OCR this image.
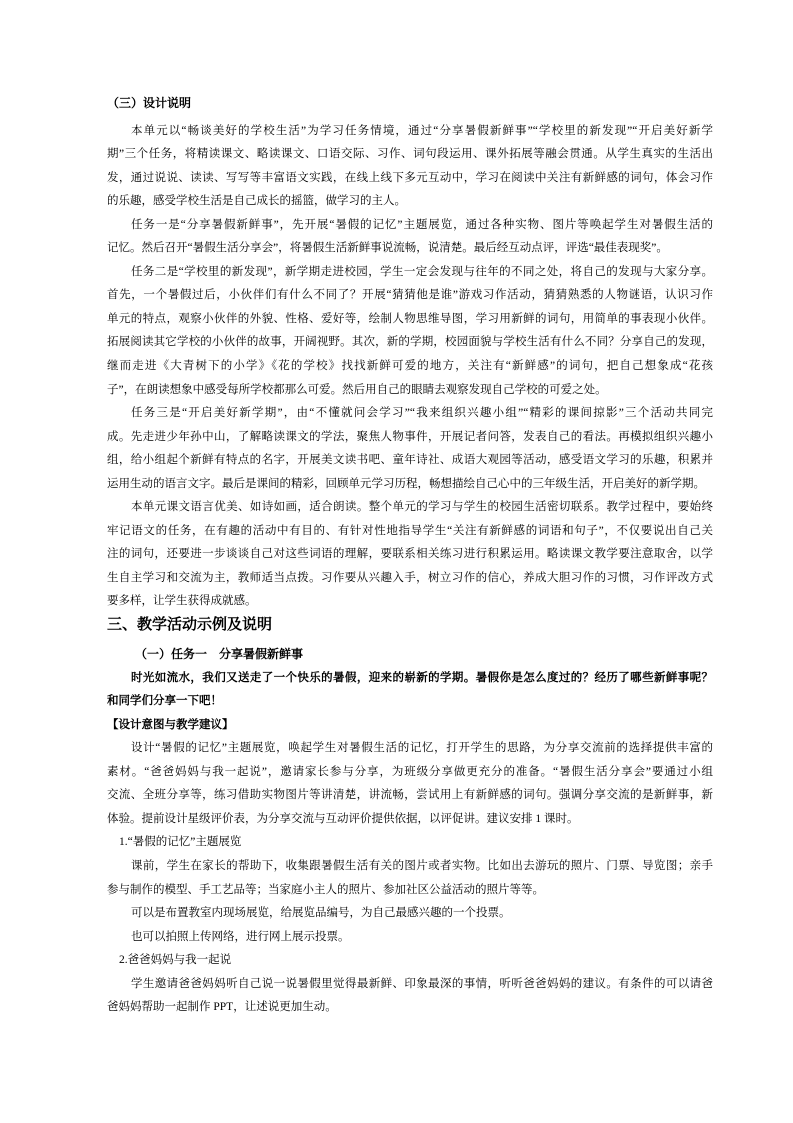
（三）设计说明
本单元以“畅谈美好的学校生活”为学习任务情境，通过“分享暑假新鲜事”“学校里的新发现”“开启美好新学
期”三个任务，将精读课文、略读课文、口语交际、习作、词句段运用、课外拓展等融会贯通。从学生真实的生活出
发，通过说说、读读、写写等丰富语文实践，在线上线下多元互动中，学习在阅读中关注有新鲜感的词句，体会习作
的乐趣，感受学校生活是自己成长的摇篮，做学习的主人。
任务一是“分享暑假新鲜事”，先开展“暑假的记忆”主题展览，通过各种实物、图片等唤起学生对暑假生活的
记忆。然后召开“暑假生活分享会”，将暑假生活新鲜事说流畅，说清楚。最后经互动点评，评选“最佳表现奖”。
任务二是“学校里的新发现”，新学期走进校园，学生一定会发现与往年的不同之处，将自己的发现与大家分享。
首先，一个暑假过后，小伙伴们有什么不同了？开展“猜猜他是谁”游戏习作活动，猜猜熟悉的人物谜语，认识习作
单元的特点，观察小伙伴的外貌、性格、爱好等，绘制人物思维导图，学习用新鲜的词句，用简单的事表现小伙伴。
拓展阅读其它学校的小伙伴的故事，开阔视野。其次，新的学期，校园面貌与学校生活有什么不同？分享自己的发现，
继而走进《大青树下的小学》《花的学校》找找新鲜可爱的地方，关注有“新鲜感”的词句，把自己想象成“花孩
子”，在朗读想象中感受每所学校都那么可爱。然后用自己的眼睛去观察发现自己学校的可爱之处。
任务三是“开启美好新学期”，由“不懂就问会学习”“我来组织兴趣小组”“精彩的课间掠影”三个活动共同完
成。先走进少年孙中山，了解略读课文的学法，聚焦人物事件，开展记者问答，发表自己的看法。再模拟组织兴趣小
组，给小组起个新鲜有特点的名字，开展美文读书吧、童年诗社、成语大观园等活动，感受语文学习的乐趣，积累并
运用生动的语言文字。最后是课间的精彩，回顾单元学习历程，畅想描绘自己心中的三年级生活，开启美好的新学期。
本单元课文语言优美、如诗如画，适合朗读。整个单元的学习与学生的校园生活密切联系。教学过程中，要始终
牢记语文的任务，在有趣的活动中有目的、有针对性地指导学生“关注有新鲜感的词语和句子”，不仅要说出自己关
注的词句，还要进一步谈谈自己对这些词语的理解，要联系相关练习进行积累运用。略读课文教学要注意取舍，以学
生自主学习和交流为主，教师适当点拨。习作要从兴趣入手，树立习作的信心，养成大胆习作的习惯，习作评改方式
要多样，让学生获得成就感。
三、教学活动示例及说明
（一）任务一　分享暑假新鲜事
时光如流水，我们又送走了一个快乐的暑假，迎来的崭新的学期。暑假你是怎么度过的？经历了哪些新鲜事呢？
和同学们分享一下吧！
【设计意图与教学建议】
设计“暑假的记忆”主题展览，唤起学生对暑假生活的记忆，打开学生的思路，为分享交流前的选择提供丰富的
素材。“爸爸妈妈与我一起说”，邀请家长参与分享，为班级分享做更充分的准备。“暑假生活分享会”要通过小组
交流、全班分享等，练习借助实物图片等讲清楚，讲流畅，尝试用上有新鲜感的词句。强调分享交流的是新鲜事，新
体验。提前设计星级评价表，为分享交流与互动评价提供依据，以评促讲。建议安排 1 课时。
1.“暑假的记忆”主题展览
课前，学生在家长的帮助下，收集跟暑假生活有关的图片或者实物。比如出去游玩的照片、门票、导览图；亲手
参与制作的模型、手工艺品等；当家庭小主人的照片、参加社区公益活动的照片等等。
可以是布置教室内现场展览，给展览品编号，为自己最感兴趣的一个投票。
也可以拍照上传网络，进行网上展示投票。
2.爸爸妈妈与我一起说
学生邀请爸爸妈妈听自己说一说暑假里觉得最新鲜、印象最深的事情，听听爸爸妈妈的建议。有条件的可以请爸
爸妈妈帮助一起制作 PPT，让述说更加生动。
